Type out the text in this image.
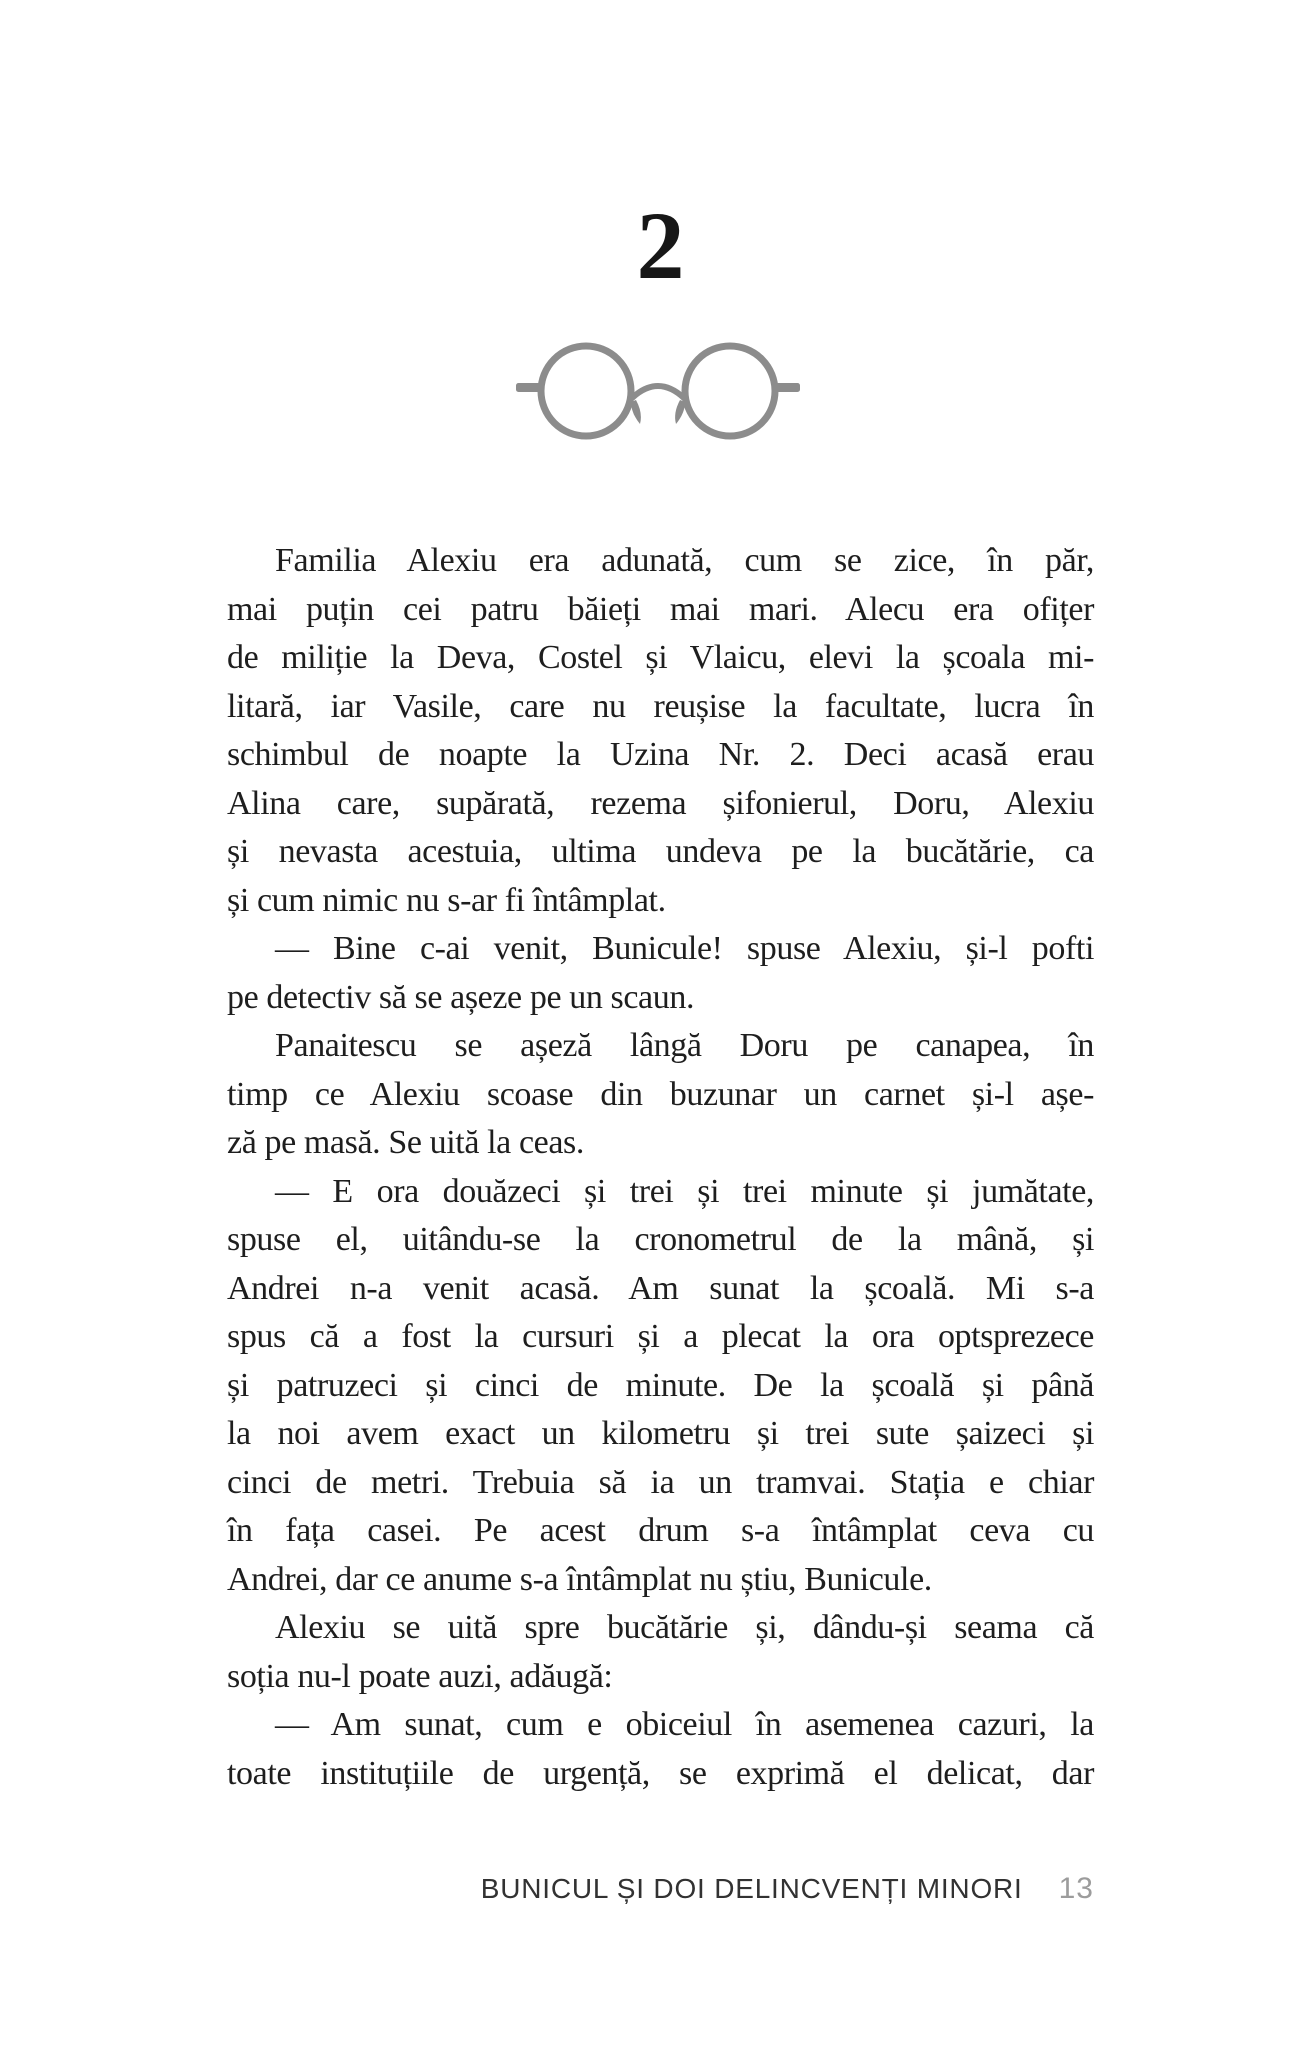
2
Familia Alexiu era adunată, cum se zice, în păr,
mai puțin cei patru băieți mai mari. Alecu era ofițer
de miliție la Deva, Costel și Vlaicu, elevi la școala mi-
litară, iar Vasile, care nu reușise la facultate, lucra în
schimbul de noapte la Uzina Nr. 2. Deci acasă erau
Alina care, supărată, rezema șifonierul, Doru, Alexiu
și nevasta acestuia, ultima undeva pe la bucătărie, ca
și cum nimic nu s-ar fi întâmplat.
— Bine c-ai venit, Bunicule! spuse Alexiu, și-l pofti
pe detectiv să se așeze pe un scaun.
Panaitescu se așeză lângă Doru pe canapea, în
timp ce Alexiu scoase din buzunar un carnet și-l așe-
ză pe masă. Se uită la ceas.
— E ora douăzeci și trei și trei minute și jumătate,
spuse el, uitându-se la cronometrul de la mână, și
Andrei n-a venit acasă. Am sunat la școală. Mi s-a
spus că a fost la cursuri și a plecat la ora optsprezece
și patruzeci și cinci de minute. De la școală și până
la noi avem exact un kilometru și trei sute șaizeci și
cinci de metri. Trebuia să ia un tramvai. Stația e chiar
în fața casei. Pe acest drum s-a întâmplat ceva cu
Andrei, dar ce anume s-a întâmplat nu știu, Bunicule.
Alexiu se uită spre bucătărie și, dându-și seama că
soția nu-l poate auzi, adăugă:
— Am sunat, cum e obiceiul în asemenea cazuri, la
toate instituțiile de urgență, se exprimă el delicat, dar
BUNICUL ȘI DOI DELINCVENȚI MINORI 13
